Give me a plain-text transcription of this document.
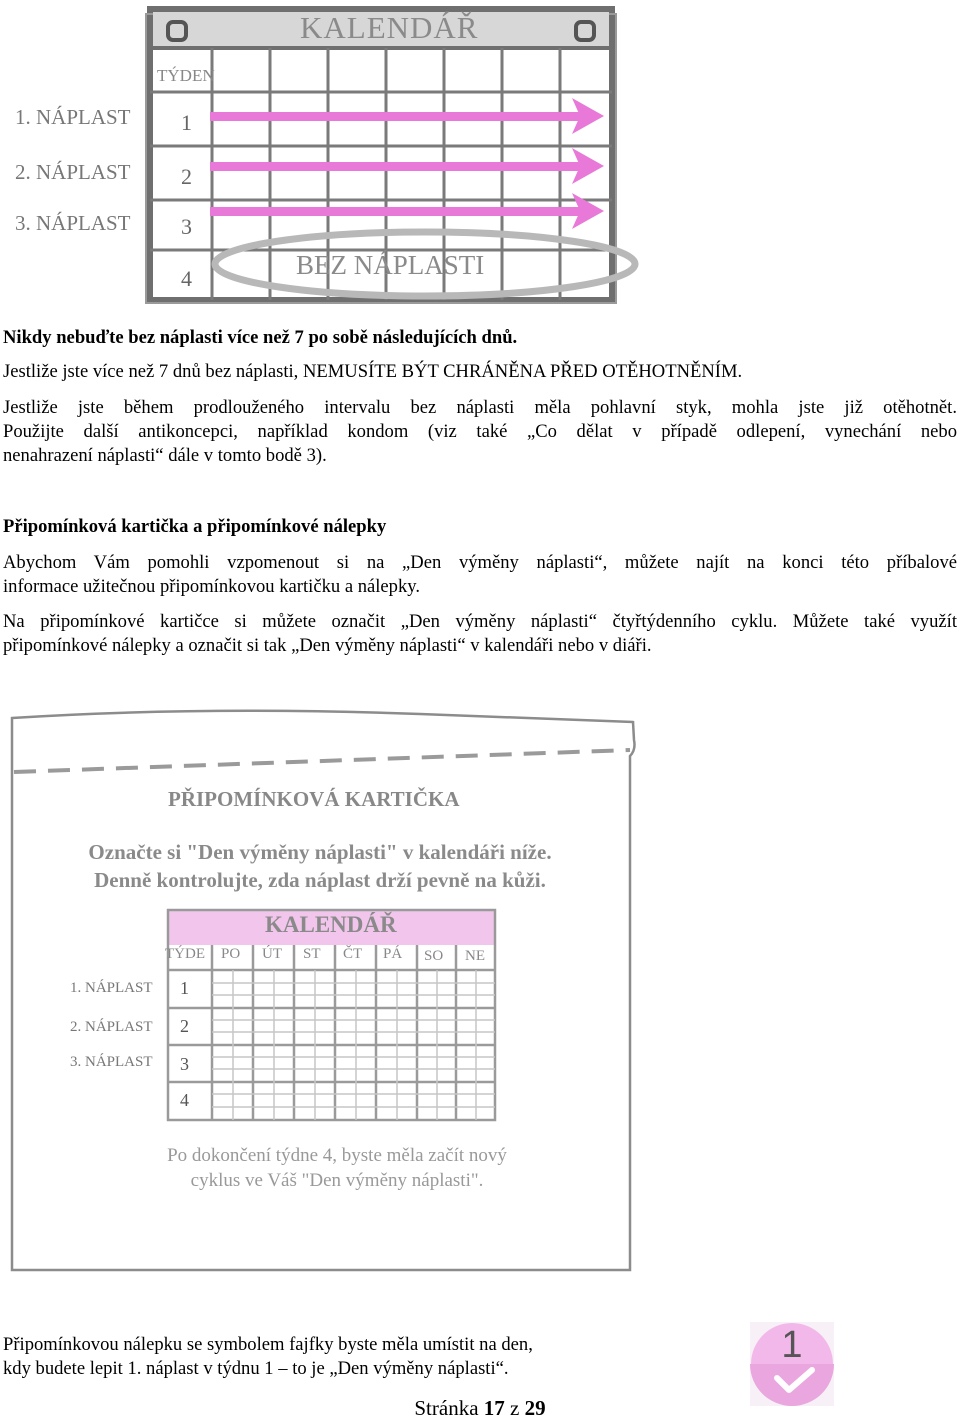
KALENDÁŘ
TÝDEN
1
2
3
4
1. NÁPLAST
2. NÁPLAST
3. NÁPLAST
BEZ NÁPLASTI
Nikdy nebuďte bez náplasti více než 7 po sobě následujících dnů.
Jestliže jste více než 7 dnů bez náplasti, NEMUSÍTE BÝT CHRÁNĚNA PŘED OTĚHOTNĚNÍM.
Jestliže jste během prodlouženého intervalu bez náplasti měla pohlavní styk, mohla jste již otěhotnět.
Použijte další antikoncepci, například kondom (viz také „Co dělat v případě odlepení, vynechání nebo
nenahrazení náplasti“ dále v tomto bodě 3).
Připomínková kartička a připomínkové nálepky
Abychom Vám pomohli vzpomenout si na „Den výměny náplasti“, můžete najít na konci této příbalové
informace užitečnou připomínkovou kartičku a nálepky.
Na připomínkové kartičce si můžete označit „Den výměny náplasti“ čtyřtýdenního cyklu. Můžete také využít
připomínkové nálepky a označit si tak „Den výměny náplasti“ v kalendáři nebo v diáři.
PŘIPOMÍNKOVÁ KARTIČKA
Označte si "Den výměny náplasti" v kalendáři níže.
Denně kontrolujte, zda náplast drží pevně na kůži.
KALENDÁŘ
TÝDE PO ÚT ST ČT PÁ SO NE
1
2
3
4
1. NÁPLAST
2. NÁPLAST
3. NÁPLAST
Po dokončení týdne 4, byste měla začít nový
cyklus ve Váš "Den výměny náplasti".
Připomínkovou nálepku se symbolem fajfky byste měla umístit na den,
kdy budete lepit 1. náplast v týdnu 1 – to je „Den výměny náplasti“.
1
Stránka 17 z 29
